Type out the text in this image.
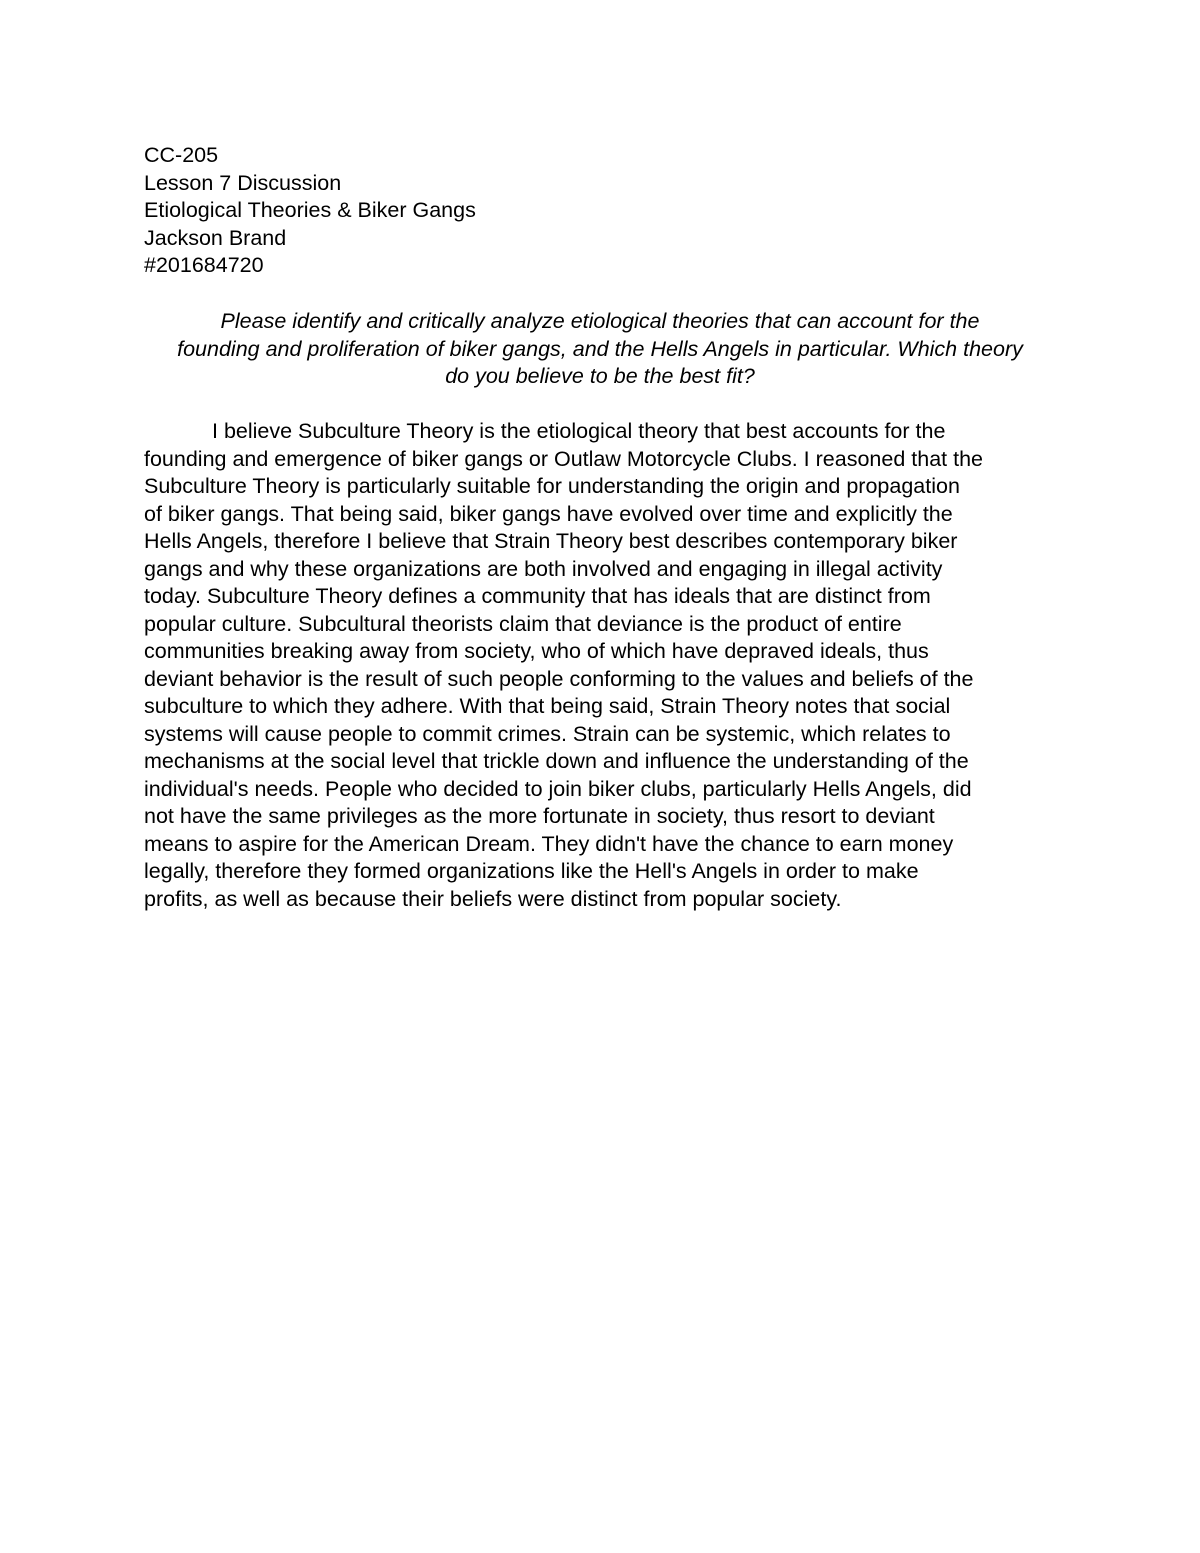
CC-205
Lesson 7 Discussion
Etiological Theories & Biker Gangs
Jackson Brand
#201684720
Please identify and critically analyze etiological theories that can account for the
founding and proliferation of biker gangs, and the Hells Angels in particular. Which theory
do you believe to be the best fit?
I believe Subculture Theory is the etiological theory that best accounts for the
founding and emergence of biker gangs or Outlaw Motorcycle Clubs. I reasoned that the
Subculture Theory is particularly suitable for understanding the origin and propagation
of biker gangs. That being said, biker gangs have evolved over time and explicitly the
Hells Angels, therefore I believe that Strain Theory best describes contemporary biker
gangs and why these organizations are both involved and engaging in illegal activity
today. Subculture Theory defines a community that has ideals that are distinct from
popular culture. Subcultural theorists claim that deviance is the product of entire
communities breaking away from society, who of which have depraved ideals, thus
deviant behavior is the result of such people conforming to the values and beliefs of the
subculture to which they adhere. With that being said, Strain Theory notes that social
systems will cause people to commit crimes. Strain can be systemic, which relates to
mechanisms at the social level that trickle down and influence the understanding of the
individual's needs. People who decided to join biker clubs, particularly Hells Angels, did
not have the same privileges as the more fortunate in society, thus resort to deviant
means to aspire for the American Dream. They didn't have the chance to earn money
legally, therefore they formed organizations like the Hell's Angels in order to make
profits, as well as because their beliefs were distinct from popular society.
